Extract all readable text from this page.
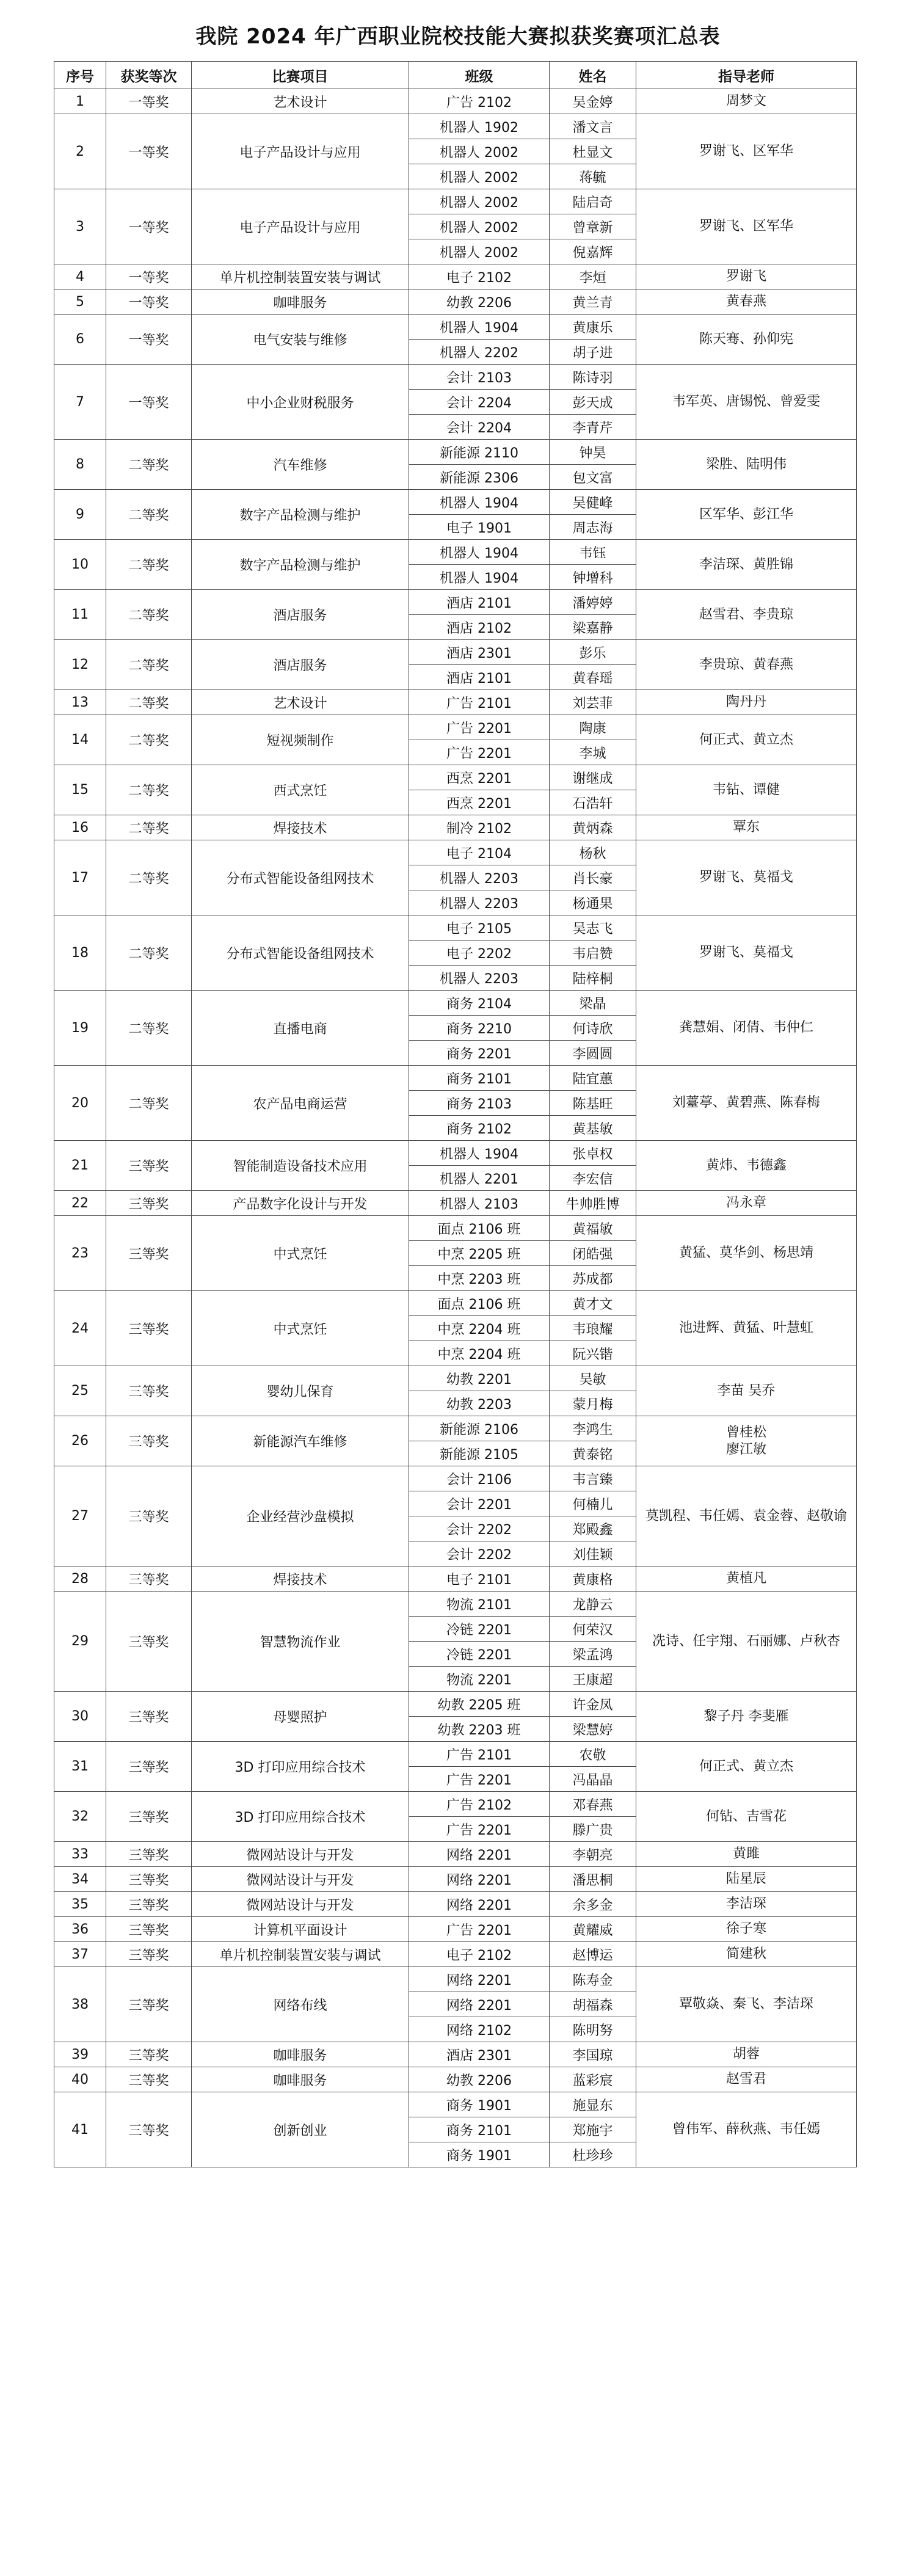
我院 2024 年广西职业院校技能大赛拟获奖赛项汇总表
序号	获奖等次	比赛项目	班级	姓名	指导老师
1	一等奖	艺术设计	广告 2102	吴金婷	周梦文
2	一等奖	电子产品设计与应用	机器人 1902	潘文言	罗谢飞、区军华
			机器人 2002	杜显文	
			机器人 2002	蒋毓	
3	一等奖	电子产品设计与应用	机器人 2002	陆启奇	罗谢飞、区军华
			机器人 2002	曾章新	
			机器人 2002	倪嘉辉	
4	一等奖	单片机控制装置安装与调试	电子 2102	李烜	罗谢飞
5	一等奖	咖啡服务	幼教 2206	黄兰青	黄春燕
6	一等奖	电气安装与维修	机器人 1904	黄康乐	陈天骞、孙仰宪
			机器人 2202	胡子进	
7	一等奖	中小企业财税服务	会计 2103	陈诗羽	韦军英、唐锡悦、曾爱雯
			会计 2204	彭天成	
			会计 2204	李青芹	
8	二等奖	汽车维修	新能源 2110	钟昊	梁胜、陆明伟
			新能源 2306	包文富	
9	二等奖	数字产品检测与维护	机器人 1904	吴健峰	区军华、彭江华
			电子 1901	周志海	
10	二等奖	数字产品检测与维护	机器人 1904	韦钰	李洁琛、黄胜锦
			机器人 1904	钟增科	
11	二等奖	酒店服务	酒店 2101	潘婷婷	赵雪君、李贵琼
			酒店 2102	梁嘉静	
12	二等奖	酒店服务	酒店 2301	彭乐	李贵琼、黄春燕
			酒店 2101	黄春瑶	
13	二等奖	艺术设计	广告 2101	刘芸菲	陶丹丹
14	二等奖	短视频制作	广告 2201	陶康	何正式、黄立杰
			广告 2201	李城	
15	二等奖	西式烹饪	西烹 2201	谢继成	韦钻、谭健
			西烹 2201	石浩轩	
16	二等奖	焊接技术	制冷 2102	黄炳森	覃东
17	二等奖	分布式智能设备组网技术	电子 2104	杨秋	罗谢飞、莫福戈
			机器人 2203	肖长豪	
			机器人 2203	杨通果	
18	二等奖	分布式智能设备组网技术	电子 2105	吴志飞	罗谢飞、莫福戈
			电子 2202	韦启赞	
			机器人 2203	陆梓桐	
19	二等奖	直播电商	商务 2104	梁晶	龚慧娟、闭倩、韦仲仁
			商务 2210	何诗欣	
			商务 2201	李圆圆	
20	二等奖	农产品电商运营	商务 2101	陆宜蕙	刘薹葶、黄碧燕、陈春梅
			商务 2103	陈基旺	
			商务 2102	黄基敏	
21	三等奖	智能制造设备技术应用	机器人 1904	张卓权	黄炜、韦德鑫
			机器人 2201	李宏信	
22	三等奖	产品数字化设计与开发	机器人 2103	牛帅胜博	冯永章
23	三等奖	中式烹饪	面点 2106 班	黄福敏	黄猛、莫华剑、杨思靖
			中烹 2205 班	闭皓强	
			中烹 2203 班	苏成都	
24	三等奖	中式烹饪	面点 2106 班	黄才文	池进辉、黄猛、叶慧虹
			中烹 2204 班	韦琅耀	
			中烹 2204 班	阮兴锴	
25	三等奖	婴幼儿保育	幼教 2201	吴敏	李苗 吴乔
			幼教 2203	蒙月梅	
26	三等奖	新能源汽车维修	新能源 2106	李鸿生	曾桂松
廖江敏
			新能源 2105	黄泰铭	
27	三等奖	企业经营沙盘模拟	会计 2106	韦言臻	莫凯程、韦任嫣、袁金蓉、赵敬谕
			会计 2201	何楠儿	
			会计 2202	郑殿鑫	
			会计 2202	刘佳颖	
28	三等奖	焊接技术	电子 2101	黄康格	黄植凡
29	三等奖	智慧物流作业	物流 2101	龙静云	冼诗、任宇翔、石丽娜、卢秋杏
			冷链 2201	何荣汉	
			冷链 2201	梁孟鸿	
			物流 2201	王康超	
30	三等奖	母婴照护	幼教 2205 班	许金凤	黎子丹 李斐雁
			幼教 2203 班	梁慧婷	
31	三等奖	3D 打印应用综合技术	广告 2101	农敬	何正式、黄立杰
			广告 2201	冯晶晶	
32	三等奖	3D 打印应用综合技术	广告 2102	邓春燕	何钻、吉雪花
			广告 2201	滕广贵	
33	三等奖	微网站设计与开发	网络 2201	李朝亮	黄雎
34	三等奖	微网站设计与开发	网络 2201	潘思桐	陆星辰
35	三等奖	微网站设计与开发	网络 2201	余多金	李洁琛
36	三等奖	计算机平面设计	广告 2201	黄耀威	徐子寒
37	三等奖	单片机控制装置安装与调试	电子 2102	赵博运	简建秋
38	三等奖	网络布线	网络 2201	陈寿金	覃敬焱、秦飞、李洁琛
			网络 2201	胡福森	
			网络 2102	陈明努	
39	三等奖	咖啡服务	酒店 2301	李国琼	胡蓉
40	三等奖	咖啡服务	幼教 2206	蓝彩宸	赵雪君
41	三等奖	创新创业	商务 1901	施显东	曾伟军、薛秋燕、韦任嫣
			商务 2101	郑施宇	
			商务 1901	杜珍珍	
